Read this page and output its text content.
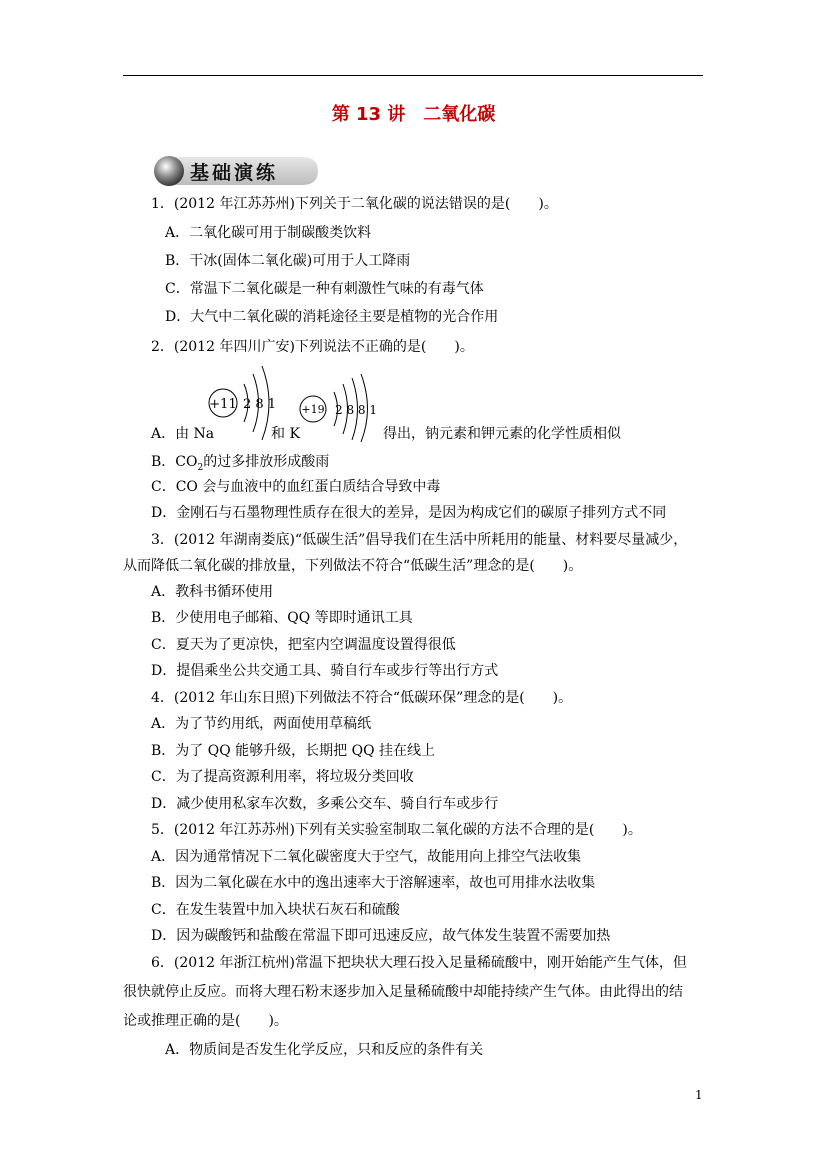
第 13 讲　二氧化碳
基础演练
1．(2012 年江苏苏州)下列关于二氧化碳的说法错误的是(　　)。
A．二氧化碳可用于制碳酸类饮料
B．干冰(固体二氧化碳)可用于人工降雨
C．常温下二氧化碳是一种有刺激性气味的有毒气体
D．大气中二氧化碳的消耗途径主要是植物的光合作用
2．(2012 年四川广安)下列说法不正确的是(　　)。
+11 2 8 1 +19 2 8 8 1
A．由 Na	和 K	得出，钠元素和钾元素的化学性质相似
B．$CO_2$的过多排放形成酸雨
C．CO 会与血液中的血红蛋白质结合导致中毒
D．金刚石与石墨物理性质存在很大的差异，是因为构成它们的碳原子排列方式不同
3．(2012 年湖南娄底)“低碳生活”倡导我们在生活中所耗用的能量、材料要尽量减少，
从而降低二氧化碳的排放量，下列做法不符合“低碳生活”理念的是(　　)。
A．教科书循环使用
B．少使用电子邮箱、QQ 等即时通讯工具
C．夏天为了更凉快，把室内空调温度设置得很低
D．提倡乘坐公共交通工具、骑自行车或步行等出行方式
4．(2012 年山东日照)下列做法不符合“低碳环保”理念的是(　　)。
A．为了节约用纸，两面使用草稿纸
B．为了 QQ 能够升级，长期把 QQ 挂在线上
C．为了提高资源利用率，将垃圾分类回收
D．减少使用私家车次数，多乘公交车、骑自行车或步行
5．(2012 年江苏苏州)下列有关实验室制取二氧化碳的方法不合理的是(　　)。
A．因为通常情况下二氧化碳密度大于空气，故能用向上排空气法收集
B．因为二氧化碳在水中的逸出速率大于溶解速率，故也可用排水法收集
C．在发生装置中加入块状石灰石和硫酸
D．因为碳酸钙和盐酸在常温下即可迅速反应，故气体发生装置不需要加热
6．(2012 年浙江杭州)常温下把块状大理石投入足量稀硫酸中，刚开始能产生气体，但
很快就停止反应。而将大理石粉末逐步加入足量稀硫酸中却能持续产生气体。由此得出的结
论或推理正确的是(　　)。
A．物质间是否发生化学反应，只和反应的条件有关
1
